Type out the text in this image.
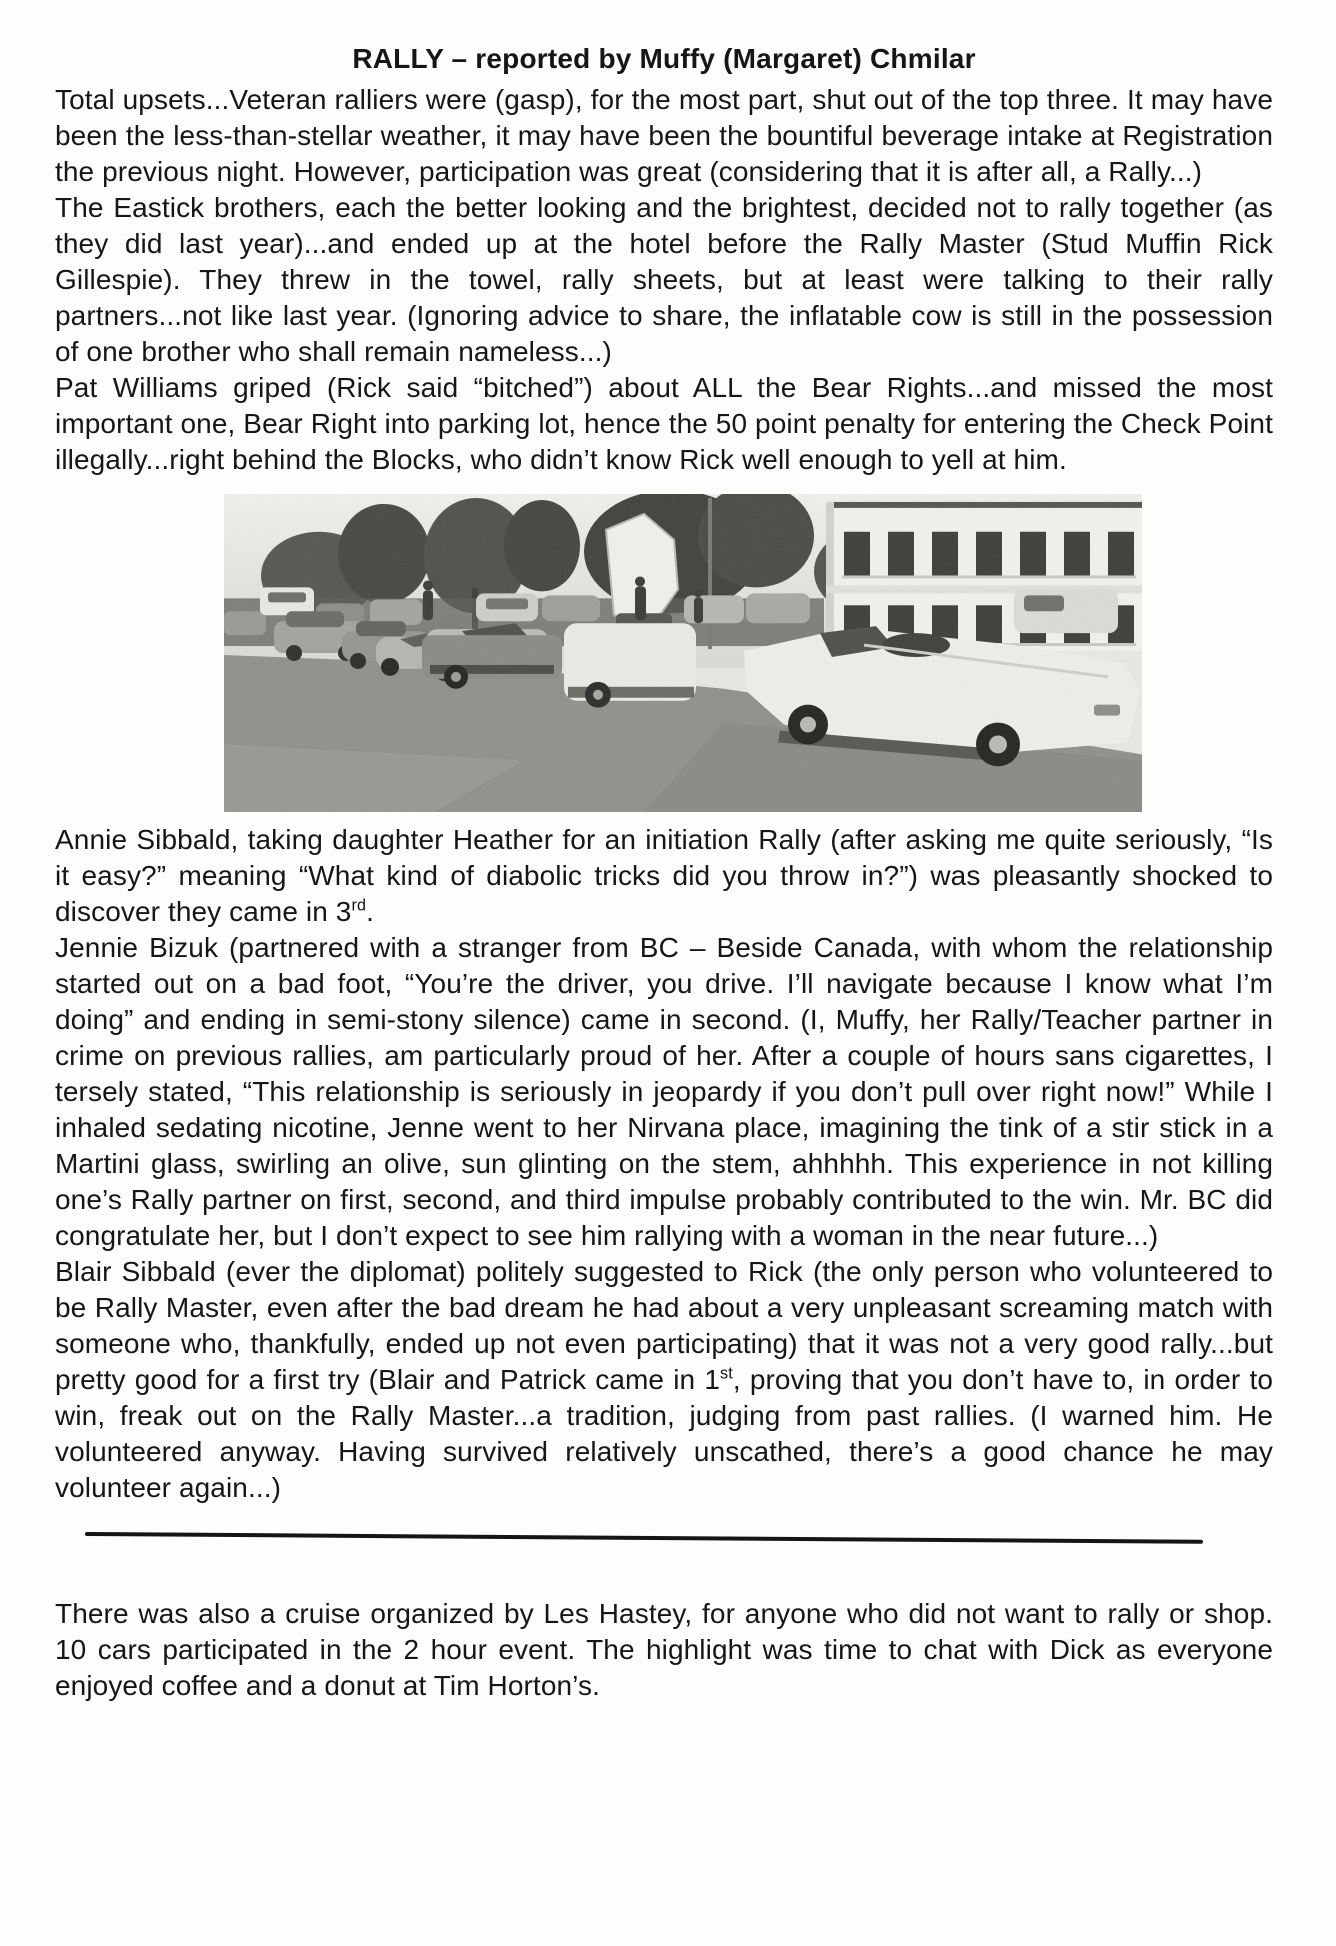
RALLY – reported by Muffy (Margaret) Chmilar

Total upsets...Veteran ralliers were (gasp), for the most part, shut out of the top three. It may have been the less-than-stellar weather, it may have been the bountiful beverage intake at Registration the previous night. However, participation was great (considering that it is after all, a Rally...)

The Eastick brothers, each the better looking and the brightest, decided not to rally together (as they did last year)...and ended up at the hotel before the Rally Master (Stud Muffin Rick Gillespie). They threw in the towel, rally sheets, but at least were talking to their rally partners...not like last year. (Ignoring advice to share, the inflatable cow is still in the possession of one brother who shall remain nameless...)

Pat Williams griped (Rick said “bitched”) about ALL the Bear Rights...and missed the most important one, Bear Right into parking lot, hence the 50 point penalty for entering the Check Point illegally...right behind the Blocks, who didn’t know Rick well enough to yell at him.

Annie Sibbald, taking daughter Heather for an initiation Rally (after asking me quite seriously, “Is it easy?” meaning “What kind of diabolic tricks did you throw in?”) was pleasantly shocked to discover they came in 3rd.

Jennie Bizuk (partnered with a stranger from BC – Beside Canada, with whom the relationship started out on a bad foot, “You’re the driver, you drive. I’ll navigate because I know what I’m doing” and ending in semi-stony silence) came in second. (I, Muffy, her Rally/Teacher partner in crime on previous rallies, am particularly proud of her. After a couple of hours sans cigarettes, I tersely stated, “This relationship is seriously in jeopardy if you don’t pull over right now!” While I inhaled sedating nicotine, Jenne went to her Nirvana place, imagining the tink of a stir stick in a Martini glass, swirling an olive, sun glinting on the stem, ahhhhh. This experience in not killing one’s Rally partner on first, second, and third impulse probably contributed to the win. Mr. BC did congratulate her, but I don’t expect to see him rallying with a woman in the near future...)

Blair Sibbald (ever the diplomat) politely suggested to Rick (the only person who volunteered to be Rally Master, even after the bad dream he had about a very unpleasant screaming match with someone who, thankfully, ended up not even participating) that it was not a very good rally...but pretty good for a first try (Blair and Patrick came in 1st, proving that you don’t have to, in order to win, freak out on the Rally Master...a tradition, judging from past rallies. (I warned him. He volunteered anyway. Having survived relatively unscathed, there’s a good chance he may volunteer again...)

There was also a cruise organized by Les Hastey, for anyone who did not want to rally or shop. 10 cars participated in the 2 hour event. The highlight was time to chat with Dick as everyone enjoyed coffee and a donut at Tim Horton’s.
